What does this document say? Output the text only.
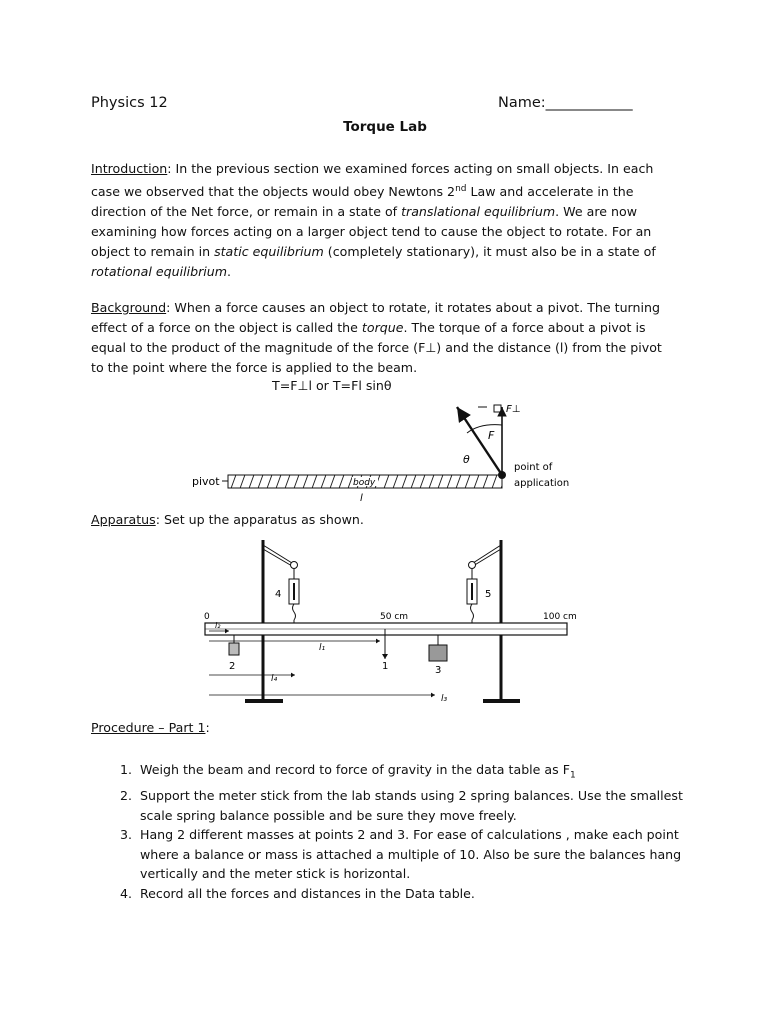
Physics 12	Name:____________
Torque Lab
Introduction: In the previous section we examined forces acting on small objects. In each case we observed that the objects would obey Newtons 2nd Law and accelerate in the direction of the Net force, or remain in a state of translational equilibrium. We are now examining how forces acting on a larger object tend to cause the object to rotate. For an object to remain in static equilibrium (completely stationary), it must also be in a state of rotational equilibrium.
Background: When a force causes an object to rotate, it rotates about a pivot. The turning effect of a force on the object is called the torque. The torque of a force about a pivot is equal to the product of the magnitude of the force (F⊥) and the distance (l) from the pivot to the point where the force is applied to the beam.
T=F⊥l or T=Fl sinθ
pivot	body
l
F
θ
F⊥
point of
application
Apparatus: Set up the apparatus as shown.
4	5
0	50 cm	100 cm
2	1	3
l₂
l₁
l₄
l₃
Procedure – Part 1:
1. Weigh the beam and record to force of gravity in the data table as $F_1$
2. Support the meter stick from the lab stands using 2 spring balances. Use the smallest scale spring balance possible and be sure they move freely.
3. Hang 2 different masses at points 2 and 3. For ease of calculations , make each point where a balance or mass is attached a multiple of 10. Also be sure the balances hang vertically and the meter stick is horizontal.
4. Record all the forces and distances in the Data table.
